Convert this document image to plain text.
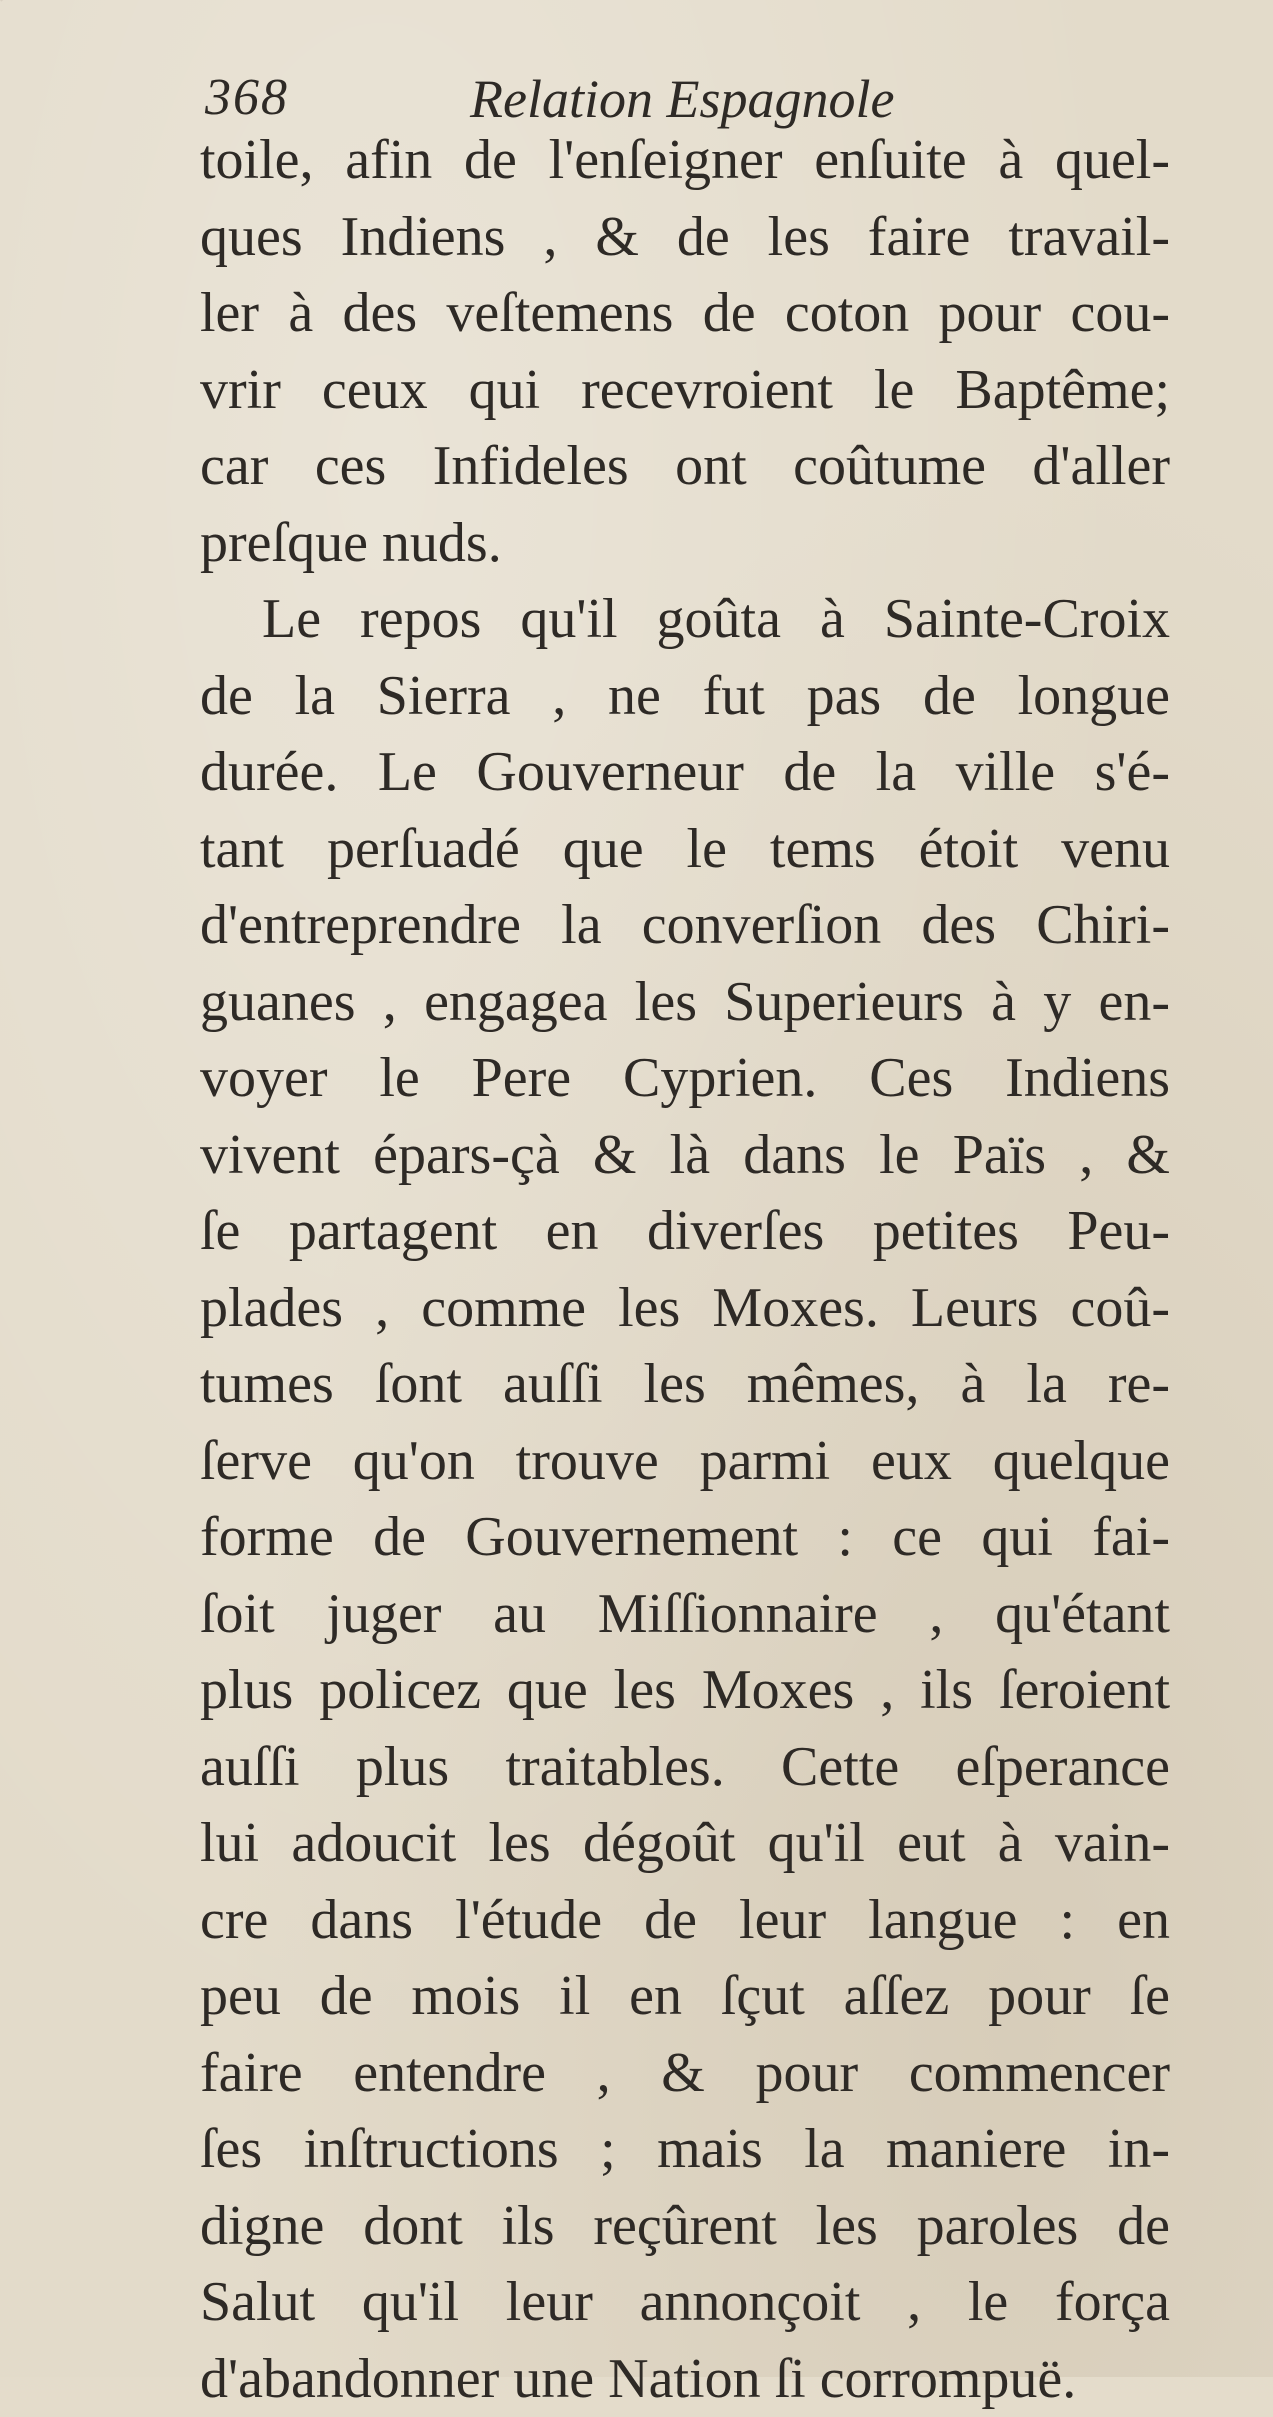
368	Relation Espagnole
toile, afin de l'enſeigner enſuite à quel-
ques Indiens , & de les faire travail-
ler à des veſtemens de coton pour cou-
vrir ceux qui recevroient le Baptême;
car ces Infideles ont coûtume d'aller
preſque nuds.
Le repos qu'il goûta à Sainte-Croix
de la Sierra , ne fut pas de longue
durée. Le Gouverneur de la ville s'é-
tant perſuadé que le tems étoit venu
d'entreprendre la converſion des Chiri-
guanes , engagea les Superieurs à y en-
voyer le Pere Cyprien. Ces Indiens
vivent épars-çà & là dans le Païs , &
ſe partagent en diverſes petites Peu-
plades , comme les Moxes. Leurs coû-
tumes ſont auſſi les mêmes, à la re-
ſerve qu'on trouve parmi eux quelque
forme de Gouvernement : ce qui fai-
ſoit juger au Miſſionnaire , qu'étant
plus policez que les Moxes , ils ſeroient
auſſi plus traitables. Cette eſperance
lui adoucit les dégoût qu'il eut à vain-
cre dans l'étude de leur langue : en
peu de mois il en ſçut aſſez pour ſe
faire entendre , & pour commencer
ſes inſtructions ; mais la maniere in-
digne dont ils reçûrent les paroles de
Salut qu'il leur annonçoit , le força
d'abandonner une Nation ſi corrompuë.
